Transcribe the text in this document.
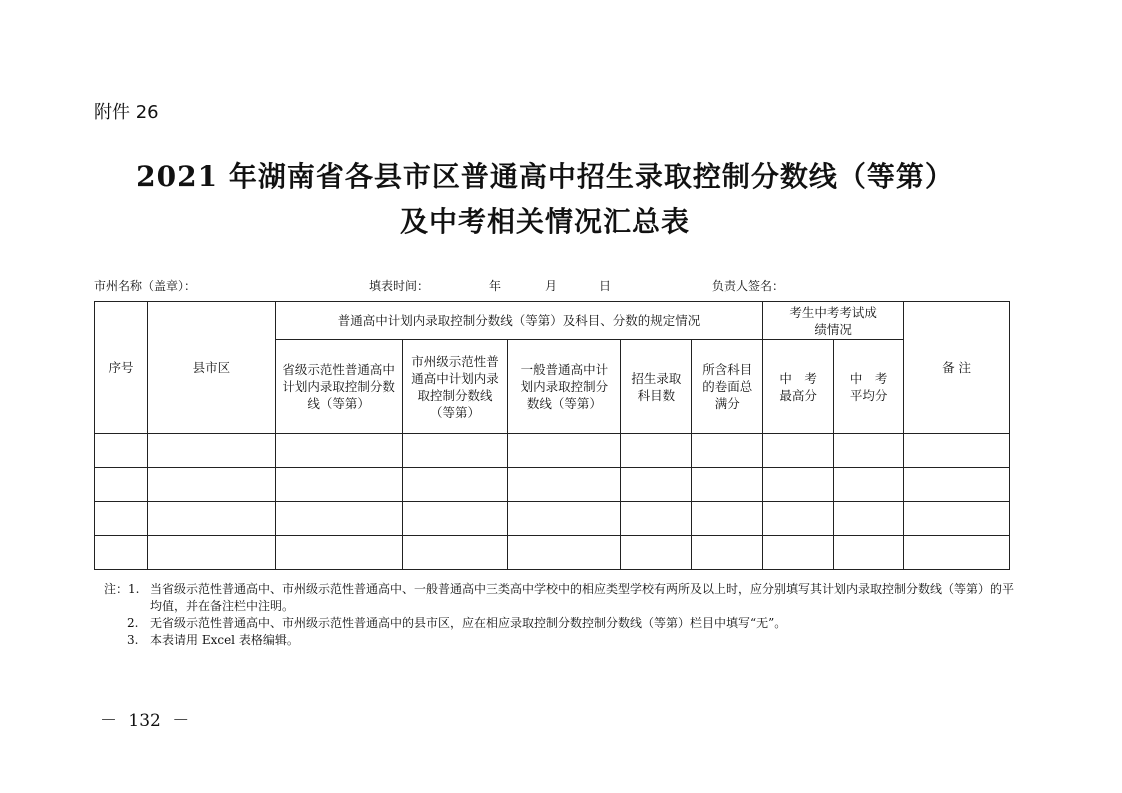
附件 26
2021 年湖南省各县市区普通高中招生录取控制分数线（等第）
及中考相关情况汇总表
市州名称（盖章）：	填表时间：	年	月	日	负责人签名：
序号	县市区	普通高中计划内录取控制分数线（等第）及科目、分数的规定情况					考生中考考试成绩情况		备 注
		省级示范性普通高中计划内录取控制分数线（等第）	市州级示范性普通高中计划内录取控制分数线（等第）	一般普通高中计划内录取控制分数线（等第）	招生录取科目数	所含科目的卷面总满分	中　考最高分	中　考平均分	

注：1. 当省级示范性普通高中、市州级示范性普通高中、一般普通高中三类高中学校中的相应类型学校有两所及以上时，应分别填写其计划内录取控制分数线（等第）的平均值，并在备注栏中注明。
2. 无省级示范性普通高中、市州级示范性普通高中的县市区，应在相应录取控制分数控制分数线（等第）栏目中填写“无”。
3. 本表请用 Excel 表格编辑。
－ 132 －
